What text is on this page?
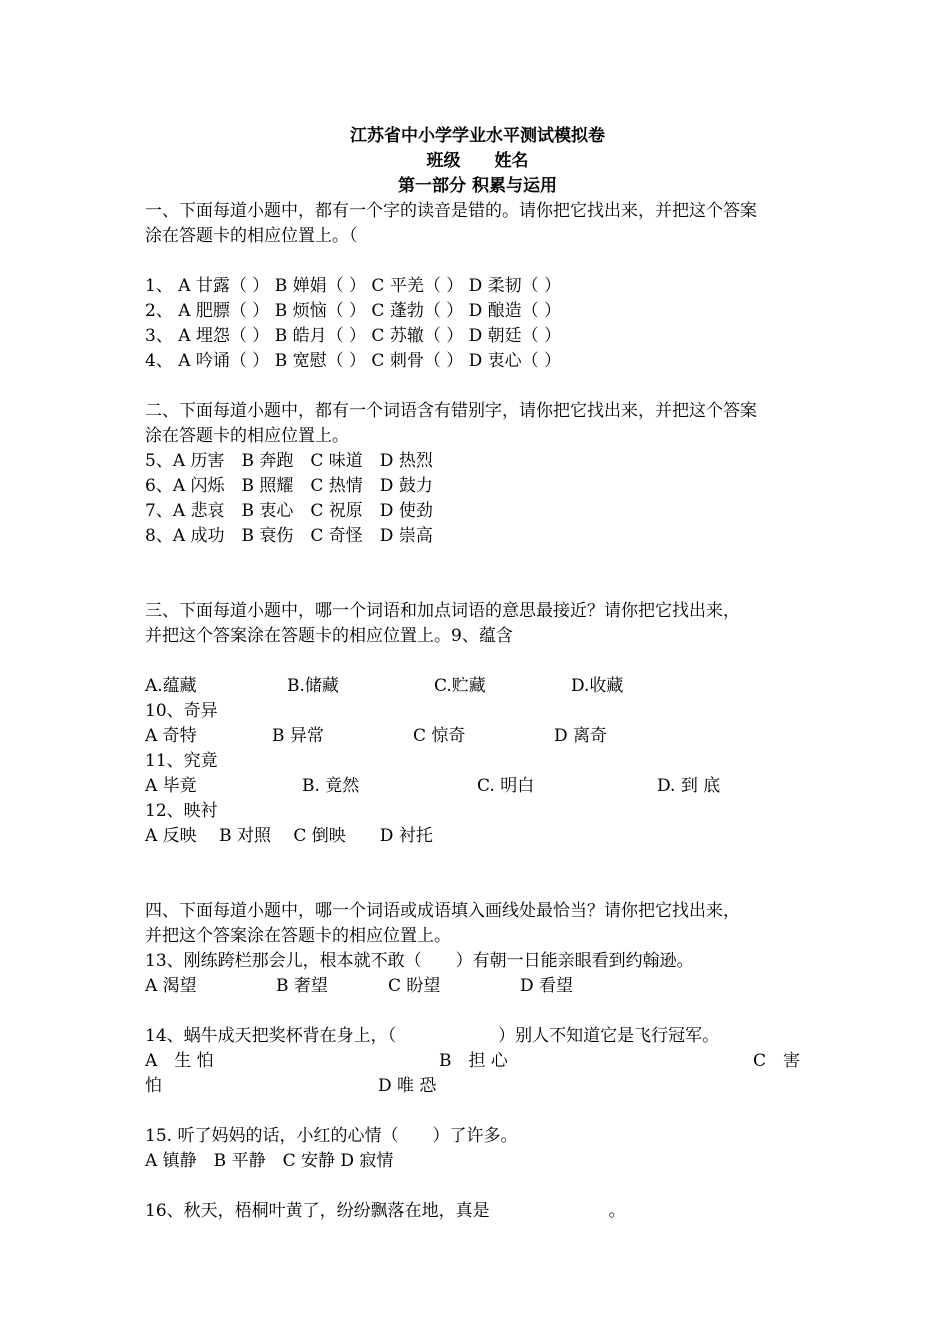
江苏省中小学学业水平测试模拟卷
班级　　姓名
第一部分 积累与运用
一、下面每道小题中，都有一个字的读音是错的。请你把它找出来，并把这个答案
涂在答题卡的相应位置上。（
1、 A 甘露（ ） B 婵娟（ ） C 平羌（ ） D 柔韧（ ）
2、 A 肥膘（ ） B 烦恼（ ） C 蓬勃（ ） D 酿造（ ）
3、 A 埋怨（ ） B 皓月（ ） C 苏辙（ ） D 朝廷（ ）
4、 A 吟诵（ ） B 宽慰（ ） C 刺骨（ ） D 衷心（ ）
二、下面每道小题中，都有一个词语含有错别字，请你把它找出来，并把这个答案
涂在答题卡的相应位置上。
5、A 历害　B 奔跑　C 味道　D 热烈
6、A 闪烁　B 照耀　C 热情　D 鼓力
7、A 悲哀　B 衷心　C 祝原　D 使劲
8、A 成功　B 衰伤　C 奇怪　D 崇高
三、下面每道小题中，哪一个词语和加点词语的意思最接近？请你把它找出来，
并把这个答案涂在答题卡的相应位置上。9、蕴含
A.蕴藏	B.储藏	C.贮藏	D.收藏
10、奇异
A 奇特	B 异常	C 惊奇	D 离奇
11、究竟
A 毕竟	B. 竟然	C. 明白	D. 到 底
12、映衬
A 反映　 B 对照　 C 倒映　　D 衬托
四、下面每道小题中，哪一个词语或成语填入画线处最恰当？请你把它找出来，
并把这个答案涂在答题卡的相应位置上。
13、刚练跨栏那会儿，根本就不敢（　　）有朝一日能亲眼看到约翰逊。
A 渴望	B 奢望	C 盼望	D 看望
14、蜗牛成天把奖杯背在身上，（　　　　　　）别人不知道它是飞行冠军。
A　生 怕	B　担 心	C　害
怕	D 唯 恐
15. 听了妈妈的话，小红的心情（　　）了许多。
A 镇静　B 平静　C 安静 D 寂情
16、秋天，梧桐叶黄了，纷纷飘落在地，真是　　　　　　　。
